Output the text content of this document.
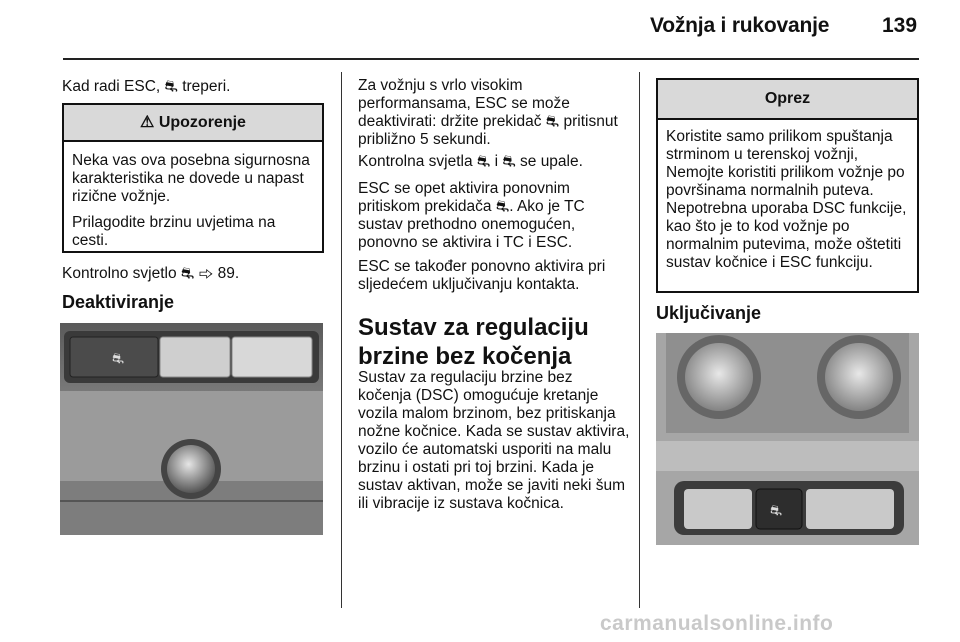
Vožnja i rukovanje	139

Kad radi ESC, ⛐ treperi.

⚠ Upozorenje

Neka vas ova posebna sigurnosna karakteristika ne dovede u napast rizične vožnje.

Prilagodite brzinu uvjetima na cesti.

Kontrolno svjetlo ⛐ ⇨ 89.

Deaktiviranje
⛐

Za vožnju s vrlo visokim performansama, ESC se može deaktivirati: držite prekidač ⛐ pritisnut približno 5 sekundi.

Kontrolna svjetla ⛐ i ⛐ se upale.

ESC se opet aktivira ponovnim pritiskom prekidača ⛐. Ako je TC sustav prethodno onemogućen, ponovno se aktivira i TC i ESC.

ESC se također ponovno aktivira pri sljedećem uključivanju kontakta.

Sustav za regulaciju brzine bez kočenja

Sustav za regulaciju brzine bez kočenja (DSC) omogućuje kretanje vozila malom brzinom, bez pritiskanja nožne kočnice. Kada se sustav aktivira, vozilo će automatski usporiti na malu brzinu i ostati pri toj brzini. Kada je sustav aktivan, može se javiti neki šum ili vibracije iz sustava kočnica.

Oprez

Koristite samo prilikom spuštanja strminom u terenskoj vožnji, Nemojte koristiti prilikom vožnje po površinama normalnih puteva. Nepotrebna uporaba DSC funkcije, kao što je to kod vožnje po normalnim putevima, može oštetiti sustav kočnice i ESC funkciju.

Uključivanje
⛐
carmanualsonline.info
